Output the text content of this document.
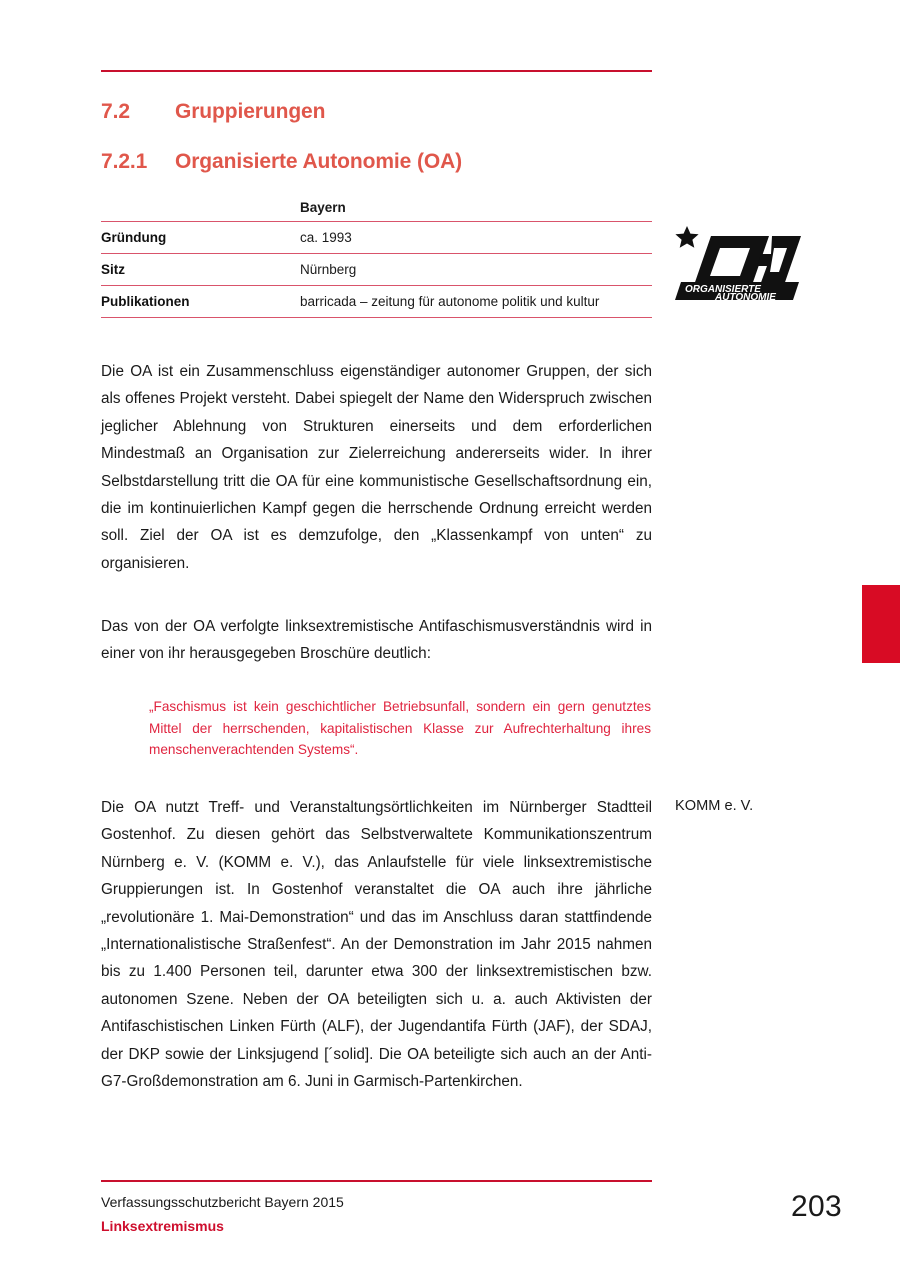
7.2	Gruppierungen
7.2.1	Organisierte Autonomie (OA)
	Bayern
Gründung	ca. 1993
Sitz	Nürnberg
Publikationen	barricada – zeitung für autonome politik und kultur
ORGANISIERTE
AUTONOMIE
Die OA ist ein Zusammenschluss eigenständiger autonomer Gruppen, der sich als offenes Projekt versteht. Dabei spiegelt der Name den Widerspruch zwischen jeglicher Ablehnung von Strukturen einerseits und dem erforderlichen Mindestmaß an Organisation zur Zielerreichung andererseits wider. In ihrer Selbstdarstellung tritt die OA für eine kommunistische Gesellschaftsordnung ein, die im kontinuierlichen Kampf gegen die herrschende Ordnung erreicht werden soll. Ziel der OA ist es demzufolge, den „Klassenkampf von unten“ zu organisieren.
Das von der OA verfolgte linksextremistische Antifaschismusverständnis wird in einer von ihr herausgegeben Broschüre deutlich:
„Faschismus ist kein geschichtlicher Betriebsunfall, sondern ein gern genutztes Mittel der herrschenden, kapitalistischen Klasse zur Aufrechterhaltung ihres menschenverachtenden Systems“.
Die OA nutzt Treff- und Veranstaltungsörtlichkeiten im Nürnberger Stadtteil Gostenhof. Zu diesen gehört das Selbstverwaltete Kommunikationszentrum Nürnberg e. V. (KOMM e. V.), das Anlaufstelle für viele linksextremistische Gruppierungen ist. In Gostenhof veranstaltet die OA auch ihre jährliche „revolutionäre 1. Mai-Demonstration“ und das im Anschluss daran stattfindende „Internationalistische Straßenfest“. An der Demonstration im Jahr 2015 nahmen bis zu 1.400 Personen teil, darunter etwa 300 der linksextremistischen bzw. autonomen Szene. Neben der OA beteiligten sich u. a. auch Aktivisten der Antifaschistischen Linken Fürth (ALF), der Jugendantifa Fürth (JAF), der SDAJ, der DKP sowie der Linksjugend [´solid]. Die OA beteiligte sich auch an der Anti-G7-Großdemonstration am 6. Juni in Garmisch-Partenkirchen.
KOMM e. V.
Verfassungsschutzbericht Bayern 2015
Linksextremismus
203
